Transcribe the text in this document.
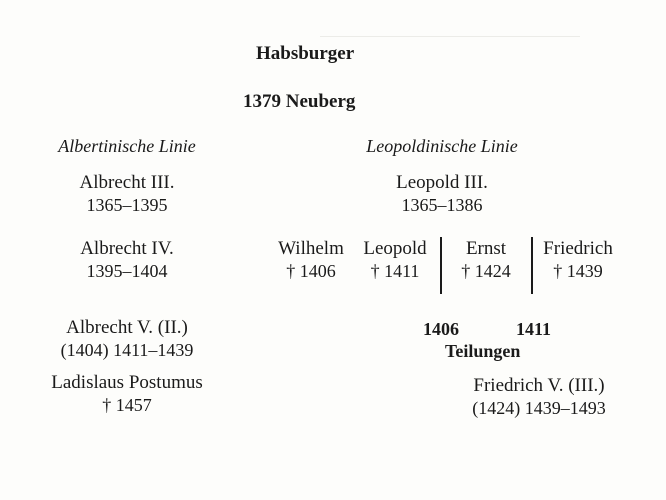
Habsburger
1379 Neuberg
Albertinische Linie
Albrecht III.
1365–1395
Albrecht IV.
1395–1404
Albrecht V. (II.)
(1404) 1411–1439
Ladislaus Postumus
† 1457
Leopoldinische Linie
Leopold III.
1365–1386
Wilhelm
† 1406
Leopold
† 1411
Ernst
† 1424
Friedrich
† 1439
1406	1411
Teilungen
Friedrich V. (III.)
(1424) 1439–1493
